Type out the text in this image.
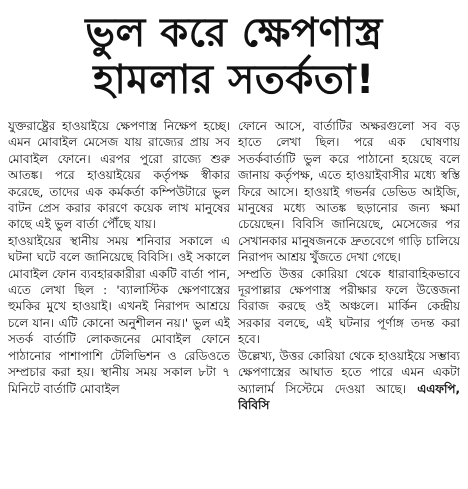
ভুল করে ক্ষেপণাস্ত্র
হামলার সতর্কতা!

যুক্তরাষ্ট্রের হাওয়াইয়ে ক্ষেপণাস্ত্র নিক্ষেপ হচ্ছে। এমন মোবাইল মেসেজ যায় রাজ্যের প্রায় সব মোবাইল ফোনে। এরপর পুরো রাজ্যে শুরু আতঙ্ক। পরে হাওয়াইয়ের কর্তৃপক্ষ স্বীকার করেছে, তাদের এক কর্মকর্তা কম্পিউটারে ভুল বাটন প্রেস করার কারণে কয়েক লাখ মানুষের কাছে এই ভুল বার্তা পৌঁছে যায়।

হাওয়াইয়ের স্থানীয় সময় শনিবার সকালে এ ঘটনা ঘটে বলে জানিয়েছে বিবিসি। ওই সকালে মোবাইল ফোন ব্যবহারকারীরা একটি বার্তা পান, এতে লেখা ছিল : 'ব্যালাস্টিক ক্ষেপণাস্ত্রের হুমকির মুখে হাওয়াই। এখনই নিরাপদ আশ্রয়ে চলে যান। এটি কোনো অনুশীলন নয়।' ভুল এই সতর্ক বার্তাটি লোকজনের মোবাইল ফোনে পাঠানোর পাশাপাশি টেলিভিশন ও রেডিওতে সম্প্রচার করা হয়। স্থানীয় সময় সকাল ৮টা ৭ মিনিটে বার্তাটি মোবাইল

ফোনে আসে, বার্তাটির অক্ষরগুলো সব বড় হাতে লেখা ছিল। পরে এক ঘোষণায় সতর্কবার্তাটি ভুল করে পাঠানো হয়েছে বলে জানায় কর্তৃপক্ষ, এতে হাওয়াইবাসীর মধ্যে স্বস্তি ফিরে আসে। হাওয়াই গভর্নর ডেভিড আইজি, মানুষের মধ্যে আতঙ্ক ছড়ানোর জন্য ক্ষমা চেয়েছেন। বিবিসি জানিয়েছে, মেসেজের পর সেখানকার মানুষজনকে দ্রুতবেগে গাড়ি চালিয়ে নিরাপদ আশ্রয় খুঁজতে দেখা গেছে।

সম্প্রতি উত্তর কোরিয়া থেকে ধারাবাহিকভাবে দূরপাল্লার ক্ষেপণাস্ত্র পরীক্ষার ফলে উত্তেজনা বিরাজ করছে ওই অঞ্চলে। মার্কিন কেন্দ্রীয় সরকার বলছে, এই ঘটনার পূর্ণাঙ্গ তদন্ত করা হবে।

উল্লেখ্য, উত্তর কোরিয়া থেকে হাওয়াইয়ে সম্ভাব্য ক্ষেপণাস্ত্রের আঘাত হতে পারে এমন একটা অ্যালার্ম সিস্টেমে দেওয়া আছে। এএফপি, বিবিসি
